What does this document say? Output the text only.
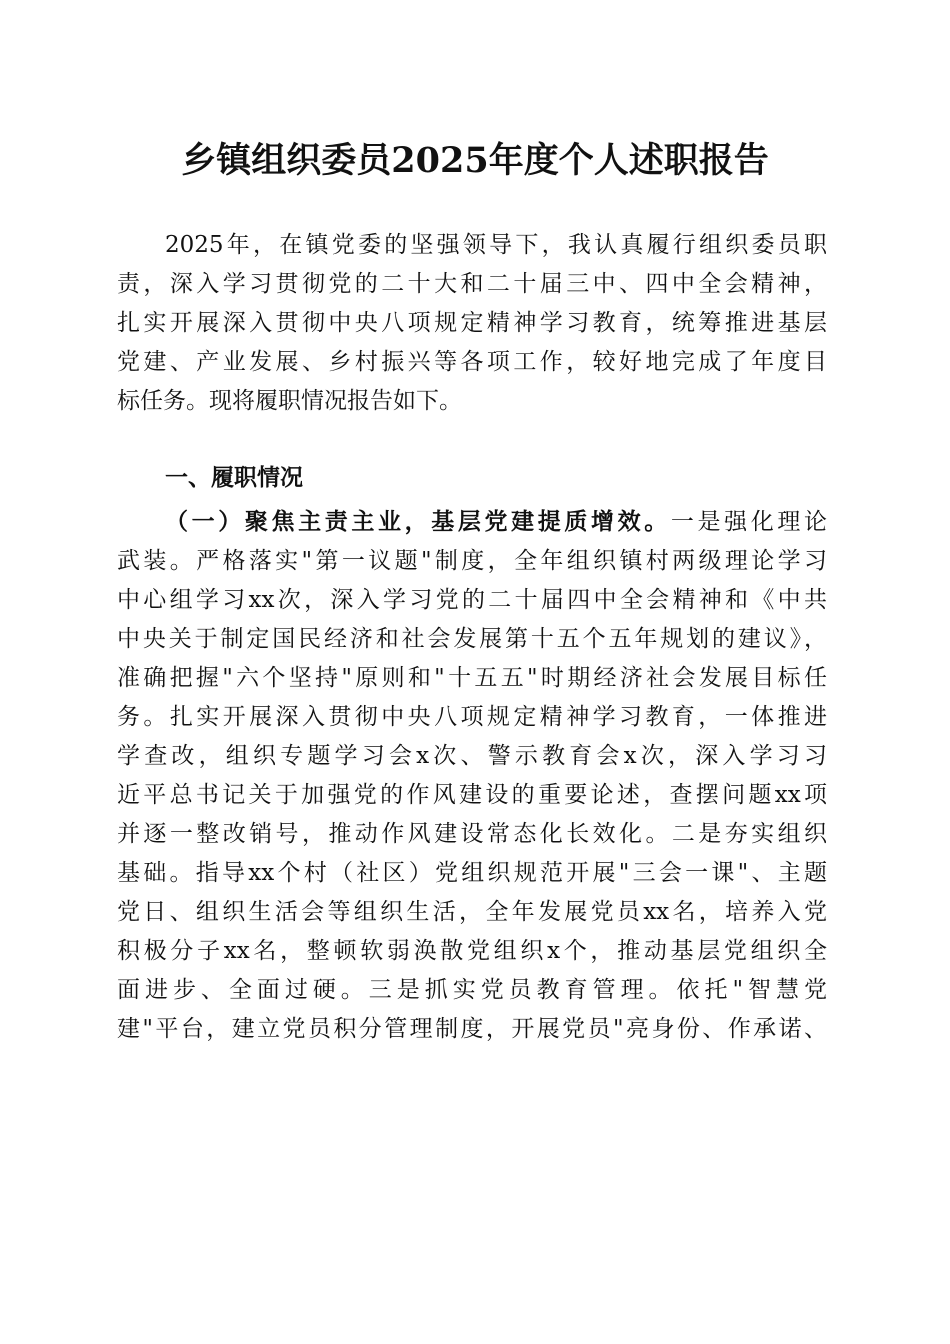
乡镇组织委员2025年度个人述职报告
2025年，在镇党委的坚强领导下，我认真履行组织委员职
责，深入学习贯彻党的二十大和二十届三中、四中全会精神，
扎实开展深入贯彻中央八项规定精神学习教育，统筹推进基层
党建、产业发展、乡村振兴等各项工作，较好地完成了年度目
标任务。现将履职情况报告如下。
一、履职情况
（一）聚焦主责主业，基层党建提质增效。一是强化理论
武装。严格落实"第一议题"制度，全年组织镇村两级理论学习
中心组学习xx次，深入学习党的二十届四中全会精神和《中共
中央关于制定国民经济和社会发展第十五个五年规划的建议》，
准确把握"六个坚持"原则和"十五五"时期经济社会发展目标任
务。扎实开展深入贯彻中央八项规定精神学习教育，一体推进
学查改，组织专题学习会x次、警示教育会x次，深入学习习
近平总书记关于加强党的作风建设的重要论述，查摆问题xx项
并逐一整改销号，推动作风建设常态化长效化。二是夯实组织
基础。指导xx个村（社区）党组织规范开展"三会一课"、主题
党日、组织生活会等组织生活，全年发展党员xx名，培养入党
积极分子xx名，整顿软弱涣散党组织x个，推动基层党组织全
面进步、全面过硬。三是抓实党员教育管理。依托"智慧党
建"平台，建立党员积分管理制度，开展党员"亮身份、作承诺、
